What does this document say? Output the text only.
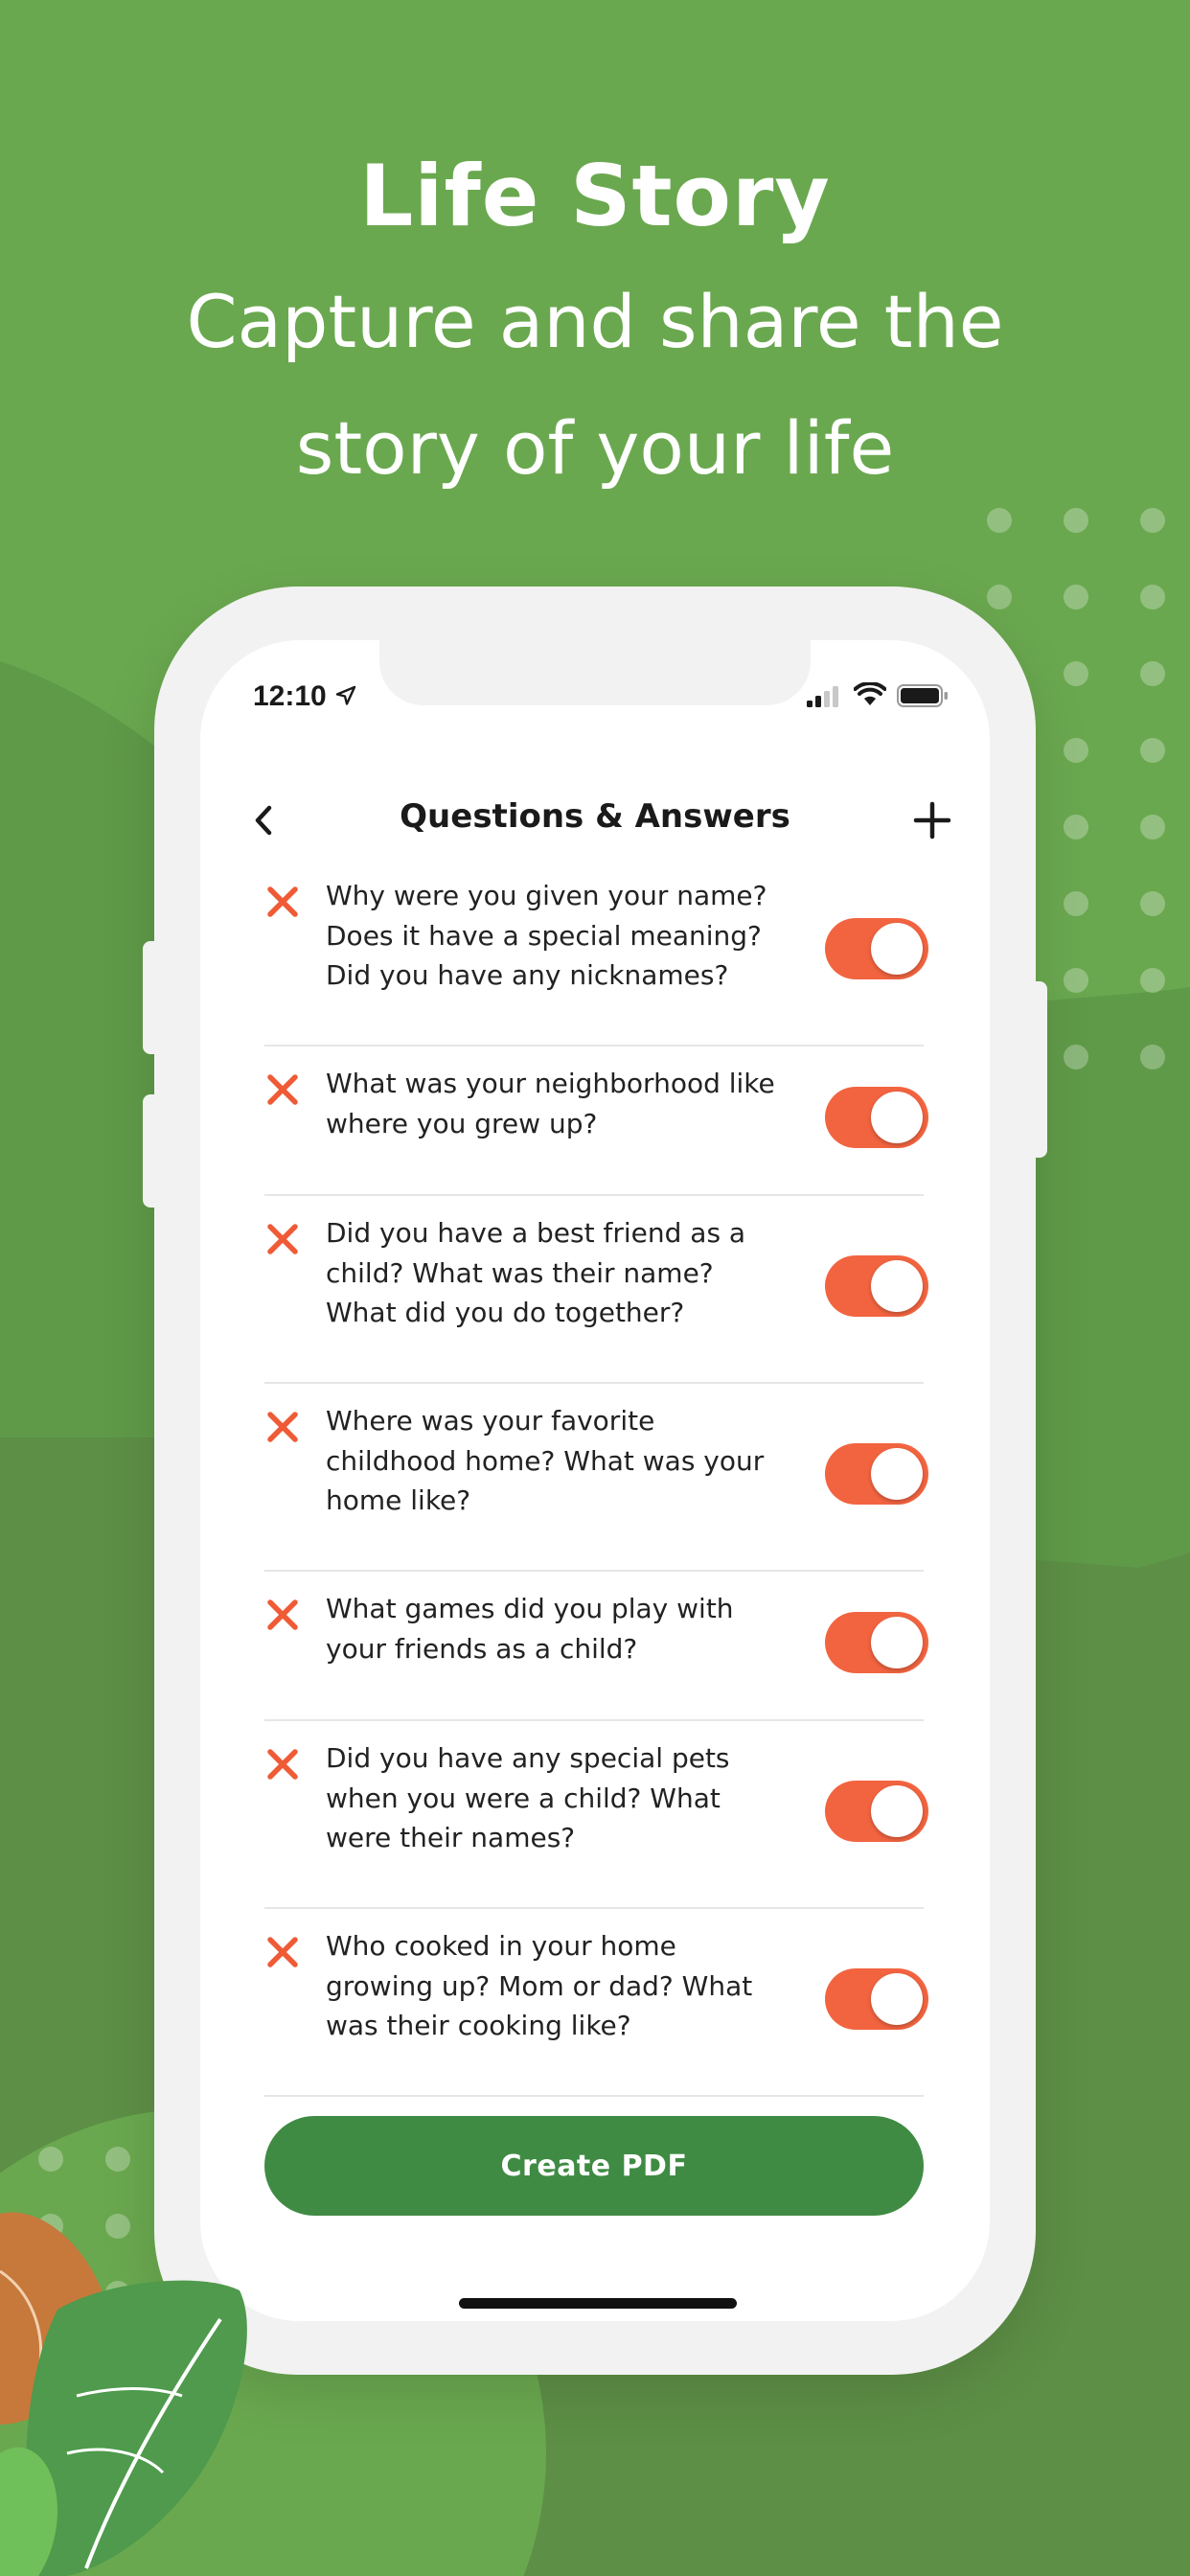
Life Story
Capture and share the
story of your life
12:10
Questions & Answers
Why were you given your name?
Does it have a special meaning?
Did you have any nicknames?
What was your neighborhood like
where you grew up?
Did you have a best friend as a
child? What was their name?
What did you do together?
Where was your favorite
childhood home? What was your
home like?
What games did you play with
your friends as a child?
Did you have any special pets
when you were a child? What
were their names?
Who cooked in your home
growing up? Mom or dad? What
was their cooking like?
Create PDF
